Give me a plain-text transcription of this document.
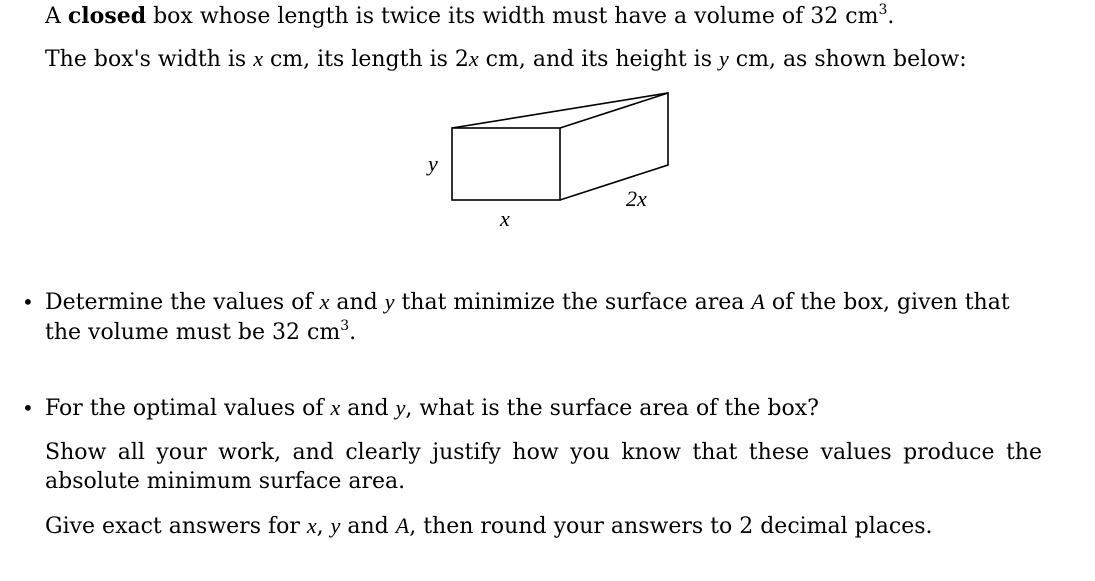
A closed box whose length is twice its width must have a volume of 32 $cm^3$.
The box's width is x cm, its length is 2x cm, and its height is y cm, as shown below:
y
x
2x
• Determine the values of x and y that minimize the surface area A of the box, given that
the volume must be 32 $cm^3$.
• For the optimal values of x and y, what is the surface area of the box?
Show all your work, and clearly justify how you know that these values produce the
absolute minimum surface area.
Give exact answers for x, y and A, then round your answers to 2 decimal places.
